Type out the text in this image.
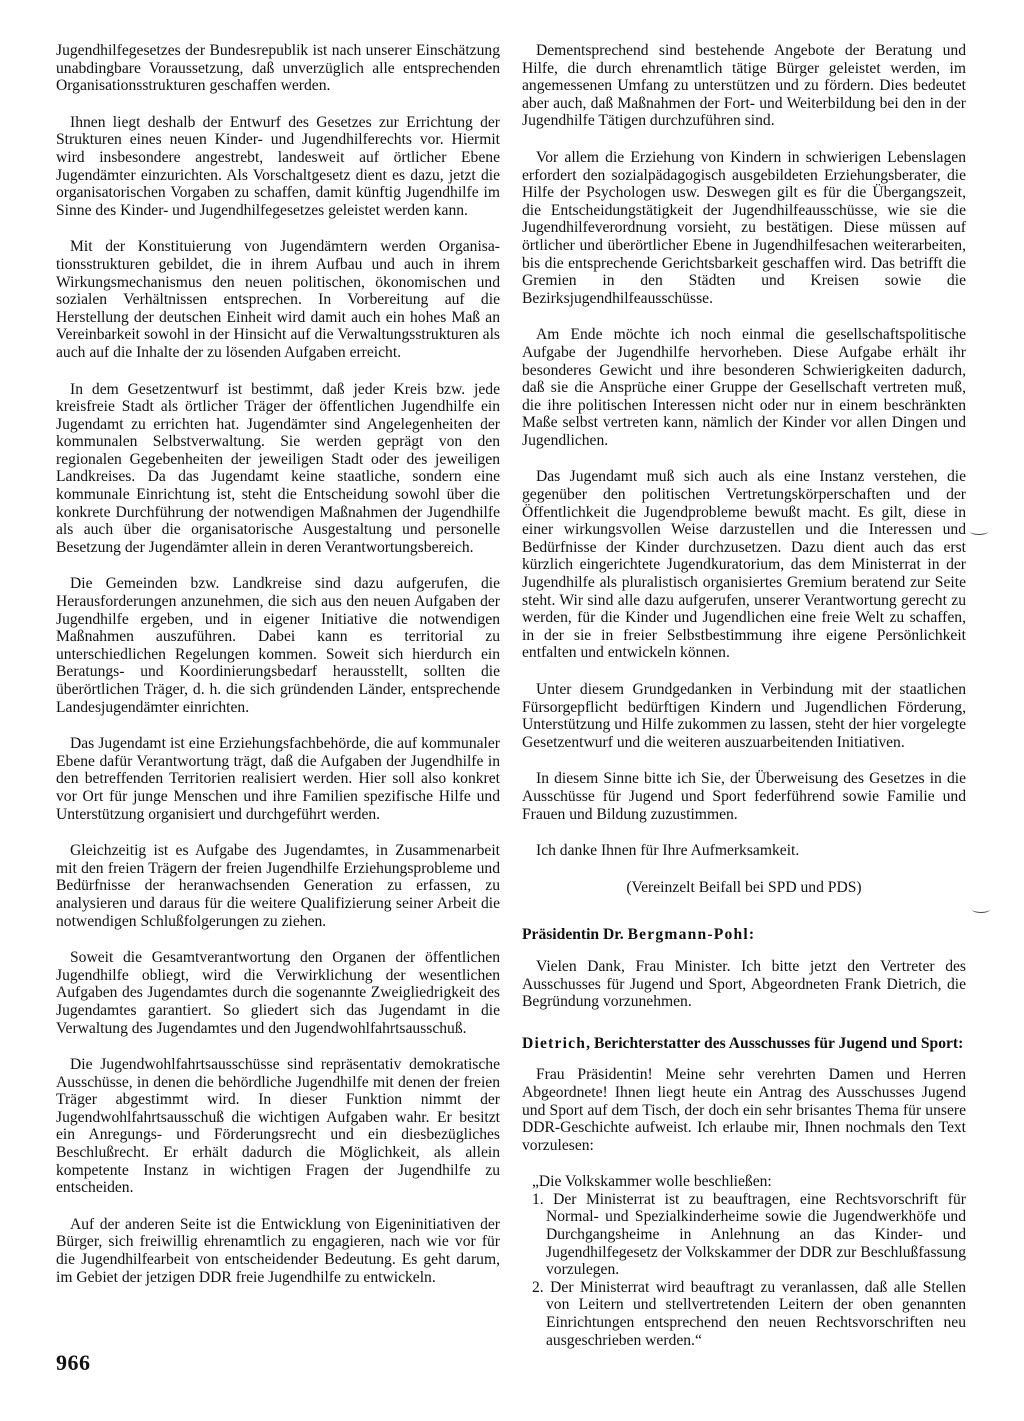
Jugendhilfegesetzes der Bundesrepublik ist nach unserer Einschätzung unabdingbare Voraussetzung, daß unverzüglich alle entsprechenden Organisationsstrukturen geschaffen werden.

Ihnen liegt deshalb der Entwurf des Gesetzes zur Errichtung der Strukturen eines neuen Kinder- und Jugendhilferechts vor. Hiermit wird insbesondere angestrebt, landesweit auf örtlicher Ebene Jugendämter einzurichten. Als Vorschaltgesetz dient es dazu, jetzt die organisatorischen Vorgaben zu schaffen, damit künftig Jugendhilfe im Sinne des Kinder- und Jugendhilfegesetzes geleistet werden kann.

Mit der Konstituierung von Jugendämtern werden Organisationsstrukturen gebildet, die in ihrem Aufbau und auch in ihrem Wirkungsmechanismus den neuen politischen, ökonomischen und sozialen Verhältnissen entsprechen. In Vorbereitung auf die Herstellung der deutschen Einheit wird damit auch ein hohes Maß an Vereinbarkeit sowohl in der Hinsicht auf die Verwaltungsstrukturen als auch auf die Inhalte der zu lösenden Aufgaben erreicht.

In dem Gesetzentwurf ist bestimmt, daß jeder Kreis bzw. jede kreisfreie Stadt als örtlicher Träger der öffentlichen Jugendhilfe ein Jugendamt zu errichten hat. Jugendämter sind Angelegenheiten der kommunalen Selbstverwaltung. Sie werden geprägt von den regionalen Gegebenheiten der jeweiligen Stadt oder des jeweiligen Landkreises. Da das Jugendamt keine staatliche, sondern eine kommunale Einrichtung ist, steht die Entscheidung sowohl über die konkrete Durchführung der notwendigen Maßnahmen der Jugendhilfe als auch über die organisatorische Ausgestaltung und personelle Besetzung der Jugendämter allein in deren Verantwortungsbereich.

Die Gemeinden bzw. Landkreise sind dazu aufgerufen, die Herausforderungen anzunehmen, die sich aus den neuen Aufgaben der Jugendhilfe ergeben, und in eigener Initiative die notwendigen Maßnahmen auszuführen. Dabei kann es territorial zu unterschiedlichen Regelungen kommen. Soweit sich hierdurch ein Beratungs- und Koordinierungsbedarf herausstellt, sollten die überörtlichen Träger, d. h. die sich gründenden Länder, entsprechende Landesjugendämter einrichten.

Das Jugendamt ist eine Erziehungsfachbehörde, die auf kommunaler Ebene dafür Verantwortung trägt, daß die Aufgaben der Jugendhilfe in den betreffenden Territorien realisiert werden. Hier soll also konkret vor Ort für junge Menschen und ihre Familien spezifische Hilfe und Unterstützung organisiert und durchgeführt werden.

Gleichzeitig ist es Aufgabe des Jugendamtes, in Zusammenarbeit mit den freien Trägern der freien Jugendhilfe Erziehungsprobleme und Bedürfnisse der heranwachsenden Generation zu erfassen, zu analysieren und daraus für die weitere Qualifizierung seiner Arbeit die notwendigen Schlußfolgerungen zu ziehen.

Soweit die Gesamtverantwortung den Organen der öffentlichen Jugendhilfe obliegt, wird die Verwirklichung der wesentlichen Aufgaben des Jugendamtes durch die sogenannte Zweigliedrigkeit des Jugendamtes garantiert. So gliedert sich das Jugendamt in die Verwaltung des Jugendamtes und den Jugendwohlfahrtsausschuß.

Die Jugendwohlfahrtsausschüsse sind repräsentativ demokratische Ausschüsse, in denen die behördliche Jugendhilfe mit denen der freien Träger abgestimmt wird. In dieser Funktion nimmt der Jugendwohlfahrtsausschuß die wichtigen Aufgaben wahr. Er besitzt ein Anregungs- und Förderungsrecht und ein diesbezügliches Beschlußrecht. Er erhält dadurch die Möglichkeit, als allein kompetente Instanz in wichtigen Fragen der Jugendhilfe zu entscheiden.

Auf der anderen Seite ist die Entwicklung von Eigeninitiativen der Bürger, sich freiwillig ehrenamtlich zu engagieren, nach wie vor für die Jugendhilfearbeit von entscheidender Bedeutung. Es geht darum, im Gebiet der jetzigen DDR freie Jugendhilfe zu entwickeln.

Dementsprechend sind bestehende Angebote der Beratung und Hilfe, die durch ehrenamtlich tätige Bürger geleistet werden, im angemessenen Umfang zu unterstützen und zu fördern. Dies bedeutet aber auch, daß Maßnahmen der Fort- und Weiterbildung bei den in der Jugendhilfe Tätigen durchzuführen sind.

Vor allem die Erziehung von Kindern in schwierigen Lebenslagen erfordert den sozialpädagogisch ausgebildeten Erziehungsberater, die Hilfe der Psychologen usw. Deswegen gilt es für die Übergangszeit, die Entscheidungstätigkeit der Jugendhilfeausschüsse, wie sie die Jugendhilfeverordnung vorsieht, zu bestätigen. Diese müssen auf örtlicher und überörtlicher Ebene in Jugendhilfesachen weiterarbeiten, bis die entsprechende Gerichtsbarkeit geschaffen wird. Das betrifft die Gremien in den Städten und Kreisen sowie die Bezirksjugendhilfeausschüsse.

Am Ende möchte ich noch einmal die gesellschaftspolitische Aufgabe der Jugendhilfe hervorheben. Diese Aufgabe erhält ihr besonderes Gewicht und ihre besonderen Schwierigkeiten dadurch, daß sie die Ansprüche einer Gruppe der Gesellschaft vertreten muß, die ihre politischen Interessen nicht oder nur in einem beschränkten Maße selbst vertreten kann, nämlich der Kinder vor allen Dingen und Jugendlichen.

Das Jugendamt muß sich auch als eine Instanz verstehen, die gegenüber den politischen Vertretungskörperschaften und der Öffentlichkeit die Jugendprobleme bewußt macht. Es gilt, diese in einer wirkungsvollen Weise darzustellen und die Interessen und Bedürfnisse der Kinder durchzusetzen. Dazu dient auch das erst kürzlich eingerichtete Jugendkuratorium, das dem Ministerrat in der Jugendhilfe als pluralistisch organisiertes Gremium beratend zur Seite steht. Wir sind alle dazu aufgerufen, unserer Verantwortung gerecht zu werden, für die Kinder und Jugendlichen eine freie Welt zu schaffen, in der sie in freier Selbstbestimmung ihre eigene Persönlichkeit entfalten und entwickeln können.

Unter diesem Grundgedanken in Verbindung mit der staatlichen Fürsorgepflicht bedürftigen Kindern und Jugendlichen Förderung, Unterstützung und Hilfe zukommen zu lassen, steht der hier vorgelegte Gesetzentwurf und die weiteren auszuarbeitenden Initiativen.

In diesem Sinne bitte ich Sie, der Überweisung des Gesetzes in die Ausschüsse für Jugend und Sport federführend sowie Familie und Frauen und Bildung zuzustimmen.

Ich danke Ihnen für Ihre Aufmerksamkeit.

(Vereinzelt Beifall bei SPD und PDS)

Präsidentin Dr. Bergmann-Pohl:

Vielen Dank, Frau Minister. Ich bitte jetzt den Vertreter des Ausschusses für Jugend und Sport, Abgeordneten Frank Dietrich, die Begründung vorzunehmen.

Dietrich, Berichterstatter des Ausschusses für Jugend und Sport:

Frau Präsidentin! Meine sehr verehrten Damen und Herren Abgeordnete! Ihnen liegt heute ein Antrag des Ausschusses Jugend und Sport auf dem Tisch, der doch ein sehr brisantes Thema für unsere DDR-Geschichte aufweist. Ich erlaube mir, Ihnen nochmals den Text vorzulesen:

„Die Volkskammer wolle beschließen:
1. Der Ministerrat ist zu beauftragen, eine Rechtsvorschrift für Normal- und Spezialkinderheime sowie die Jugendwerkhöfe und Durchgangsheime in Anlehnung an das Kinder- und Jugendhilfegesetz der Volkskammer der DDR zur Beschlußfassung vorzulegen.
2. Der Ministerrat wird beauftragt zu veranlassen, daß alle Stellen von Leitern und stellvertretenden Leitern der oben genannten Einrichtungen entsprechend den neuen Rechtsvorschriften neu ausgeschrieben werden.“
966
